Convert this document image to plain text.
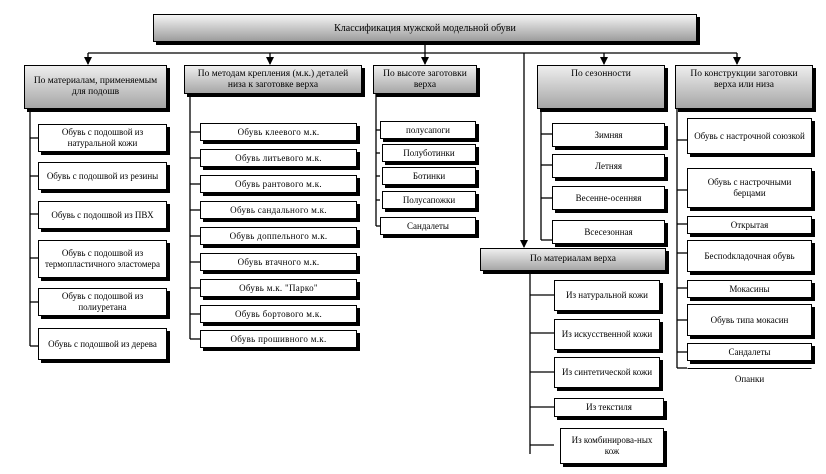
Классификация мужской модельной обуви
По материалам, применяемым для подошв
Обувь с подошвой из натуральной кожи
Обувь с подошвой из резины
Обувь с подошвой из ПВХ
Обувь с подошвой из термопластичного эластомера
Обувь с подошвой из полиуретана
Обувь с подошвой из дерева
По методам крепления (м.к.) деталей низа к заготовке верха
Обувь клеевого м.к.
Обувь литьевого м.к.
Обувь рантового м.к.
Обувь сандального м.к.
Обувь доппельного м.к.
Обувь втачного м.к.
Обувь м.к. "Парко"
Обувь бортового м.к.
Обувь прошивного м.к.
По высоте заготовки верха
полусапоги
Полуботинки
Ботинки
Полусапожки
Сандалеты
По сезонности
Зимняя
Летняя
Весенне-осенняя
Всесезонная
По конструкции заготовки верха или низа
Обувь с настрочной союзкой
Обувь с настрочными берцами
Открытая
Беспodкладочная обувь
Мокасины
Обувь типа мокасин
Сандалеты
Опанки
По материалам верха
Из натуральной кожи
Из искусственной кожи
Из синтетической кожи
Из текстиля
Из комбинирова-ных кож
